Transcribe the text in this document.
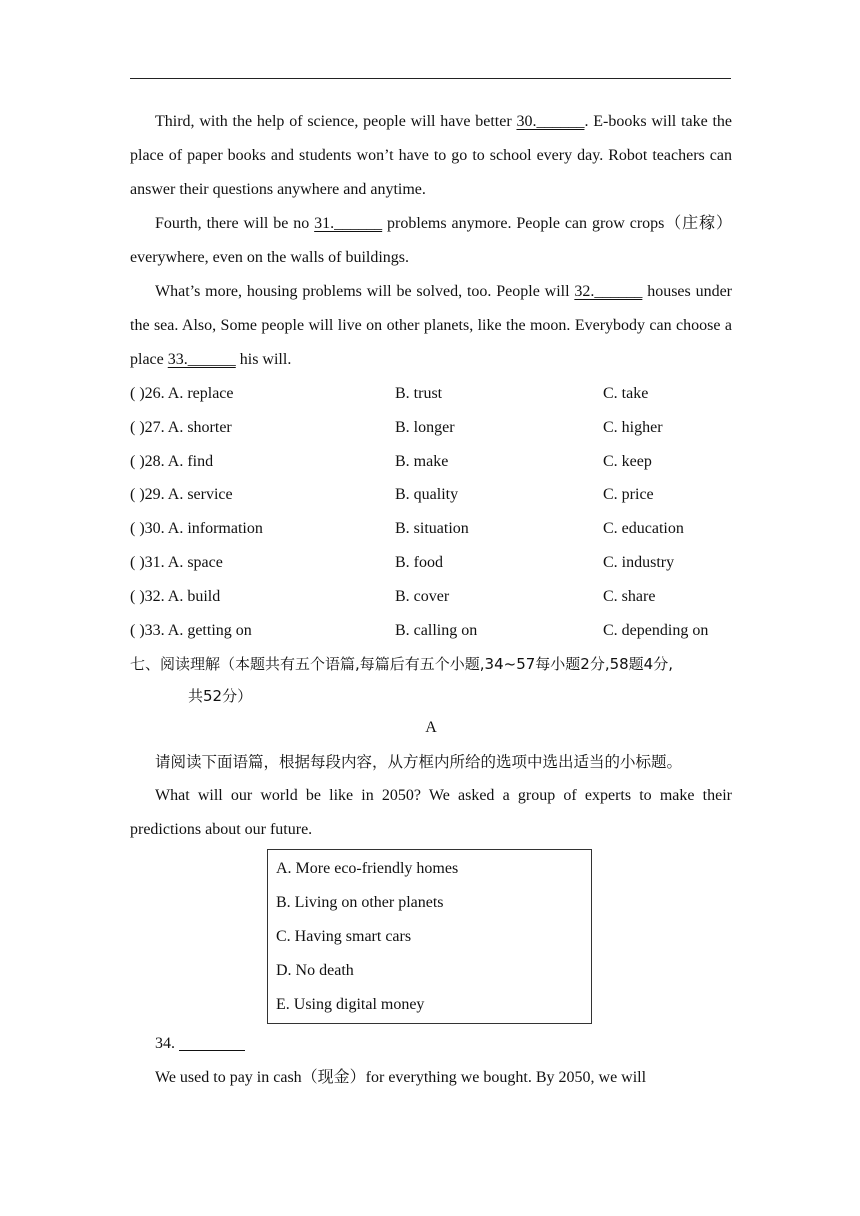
Third, with the help of science, people will have better 30.______. E-books will take the place of paper books and students won’t have to go to school every day. Robot teachers can answer their questions anywhere and anytime.

Fourth, there will be no 31.______ problems anymore. People can grow crops（庄稼）everywhere, even on the walls of buildings.

What’s more, housing problems will be solved, too. People will 32.______ houses under the sea. Also, Some people will live on other planets, like the moon. Everybody can choose a place 33.______ his will.

( )26. A. replace	B. trust	C. take
( )27. A. shorter	B. longer	C. higher
( )28. A. find	B. make	C. keep
( )29. A. service	B. quality	C. price
( )30. A. information	B. situation	C. education
( )31. A. space	B. food	C. industry
( )32. A. build	B. cover	C. share
( )33. A. getting on	B. calling on	C. depending on

七、阅读理解（本题共有五个语篇,每篇后有五个小题,34~57每小题2分,58题4分,

共52分）

A

请阅读下面语篇，根据每段内容，从方框内所给的选项中选出适当的小标题。

What will our world be like in 2050? We asked a group of experts to make their predictions about our future.

A. More eco-friendly homes
B. Living on other planets
C. Having smart cars
D. No death
E. Using digital money
34.

We used to pay in cash（现金）for everything we bought. By 2050, we will
